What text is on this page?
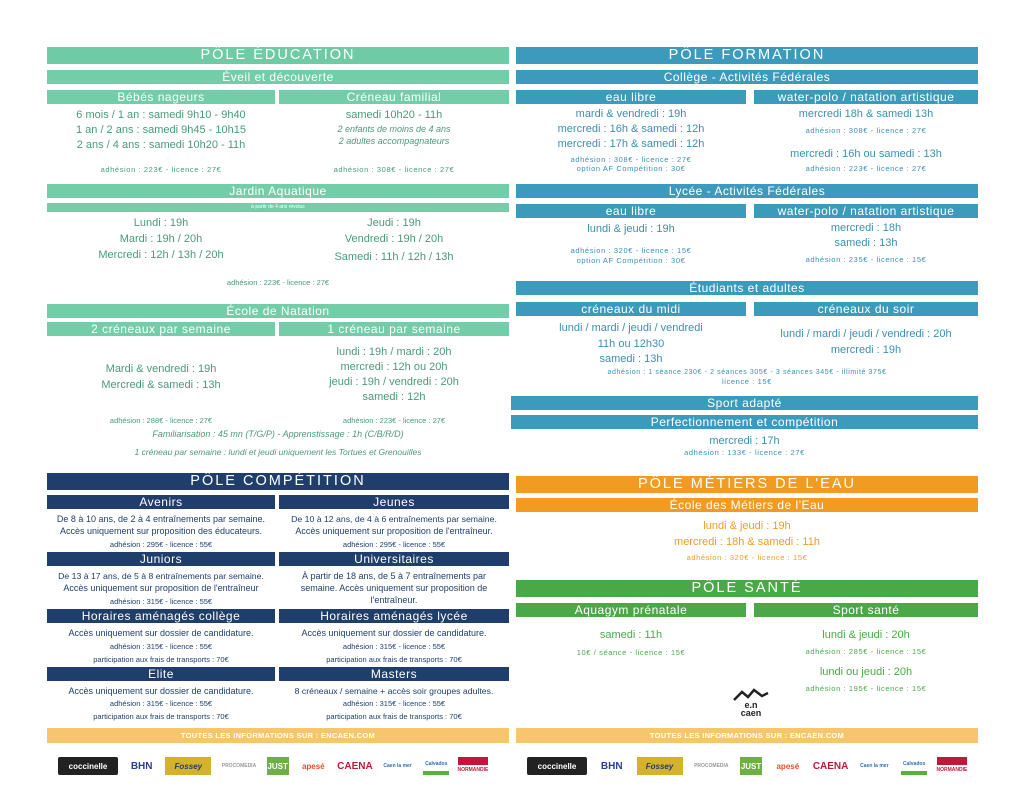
PÔLE ÉDUCATION
Éveil et découverte
Bébés nageurs	Créneau familial
6 mois / 1 an : samedi 9h10 - 9h40
1 an / 2 ans : samedi 9h45 - 10h15
2 ans / 4 ans : samedi 10h20 - 11h
adhésion : 223€ - licence : 27€
samedi 10h20 - 11h
2 enfants de moins de 4 ans
2 adultes accompagnateurs
adhésion : 308€ - licence : 27€
Jardin Aquatique
à partir de 4 ans révolus
Lundi : 19h
Mardi : 19h / 20h
Mercredi : 12h / 13h / 20h
Jeudi : 19h
Vendredi : 19h / 20h
Samedi : 11h / 12h / 13h
adhésion : 223€ - licence : 27€
École de Natation
2 créneaux par semaine	1 créneau par semaine
Mardi & vendredi : 19h
Mercredi & samedi : 13h
lundi : 19h / mardi : 20h
mercredi : 12h ou 20h
jeudi : 19h / vendredi : 20h
samedi : 12h
adhésion : 288€ - licence : 27€	adhésion : 223€ - licence : 27€
Familiarisation : 45 mn (T/G/P) - Apprenstissage : 1h (C/B/R/D)
1 créneau par semaine : lundi et jeudi uniquement les Tortues et Grenouilles
PÔLE COMPÉTITION
Avenirs	Jeunes
De 8 à 10 ans, de 2 à 4 entraînements par semaine.
Accès uniquement sur proposition des éducateurs.
adhésion : 295€ - licence : 55€
De 10 à 12 ans, de 4 à 6 entraînements par semaine.
Accès uniquement sur proposition de l'entraîneur.
adhésion : 295€ - licence : 55€
Juniors	Universitaires
De 13 à 17 ans, de 5 à 8 entraînements par semaine.
Accès uniquement sur proposition de l'entraîneur
adhésion : 315€ - licence : 55€
À partir de 18 ans, de 5 à 7 entraînements par
semaine. Accès uniquement sur proposition de
l'entraîneur.
Horaires aménagés collège	Horaires aménagés lycée
Accès uniquement sur dossier de candidature.
adhésion : 315€ - licence : 55€
participation aux frais de transports : 70€
Accès uniquement sur dossier de candidature.
adhésion : 315€ - licence : 55€
participation aux frais de transports : 70€
Elite	Masters
Accès uniquement sur dossier de candidature.
adhésion : 315€ - licence : 55€
participation aux frais de transports : 70€
8 créneaux / semaine + accès soir groupes adultes.
adhésion : 315€ - licence : 55€
participation aux frais de transports : 70€
PÔLE FORMATION
Collège - Activités Fédérales
eau libre	water-polo / natation artistique
mardi & vendredi : 19h
mercredi : 16h & samedi : 12h
mercredi : 17h & samedi : 12h
adhésion : 308€ - licence : 27€
option AF Compétition : 30€
mercredi 18h & samedi 13h
adhésion : 308€ - licence : 27€
mercredi : 16h ou samedi : 13h
adhésion : 223€ - licence : 27€
Lycée - Activités Fédérales
eau libre	water-polo / natation artistique
lundi & jeudi : 19h
adhésion : 320€ - licence : 15€
option AF Compétition : 30€
mercredi : 18h
samedi : 13h
adhésion : 235€ - licence : 15€
Étudiants et adultes
créneaux du midi	créneaux du soir
lundi / mardi / jeudi / vendredi
11h ou 12h30
samedi : 13h
lundi / mardi / jeudi / vendredi : 20h
mercredi : 19h
adhésion : 1 séance 230€ - 2 séances 305€ - 3 séances 345€ - illimité 375€
licence : 15€
Sport adapté
Perfectionnement et compétition
mercredi : 17h
adhésion : 133€ - licence : 27€
PÔLE MÉTIERS DE L'EAU
École des Métiers de l'Eau
lundi & jeudi : 19h
mercredi : 18h & samedi : 11h
adhésion : 320€ - licence : 15€
PÔLE SANTÉ
Aquagym prénatale	Sport santé
samedi : 11h
10€ / séance - licence : 15€
lundi & jeudi : 20h
adhésion : 285€ - licence : 15€
lundi ou jeudi : 20h
adhésion : 195€ - licence : 15€
e.n
caen
TOUTES LES INFORMATIONS SUR : ENCAEN.COM	TOUTES LES INFORMATIONS SUR : ENCAEN.COM
coccinelle	BHN	Fossey	PROCOMEDIA JUST	apesé	CAENA	Caen la mer	Calvados
NORMANDIE	coccinelle	BHN	Fossey	PROCOMEDIA JUST	apesé	CAENA	Caen la mer	Calvados
NORMANDIE
